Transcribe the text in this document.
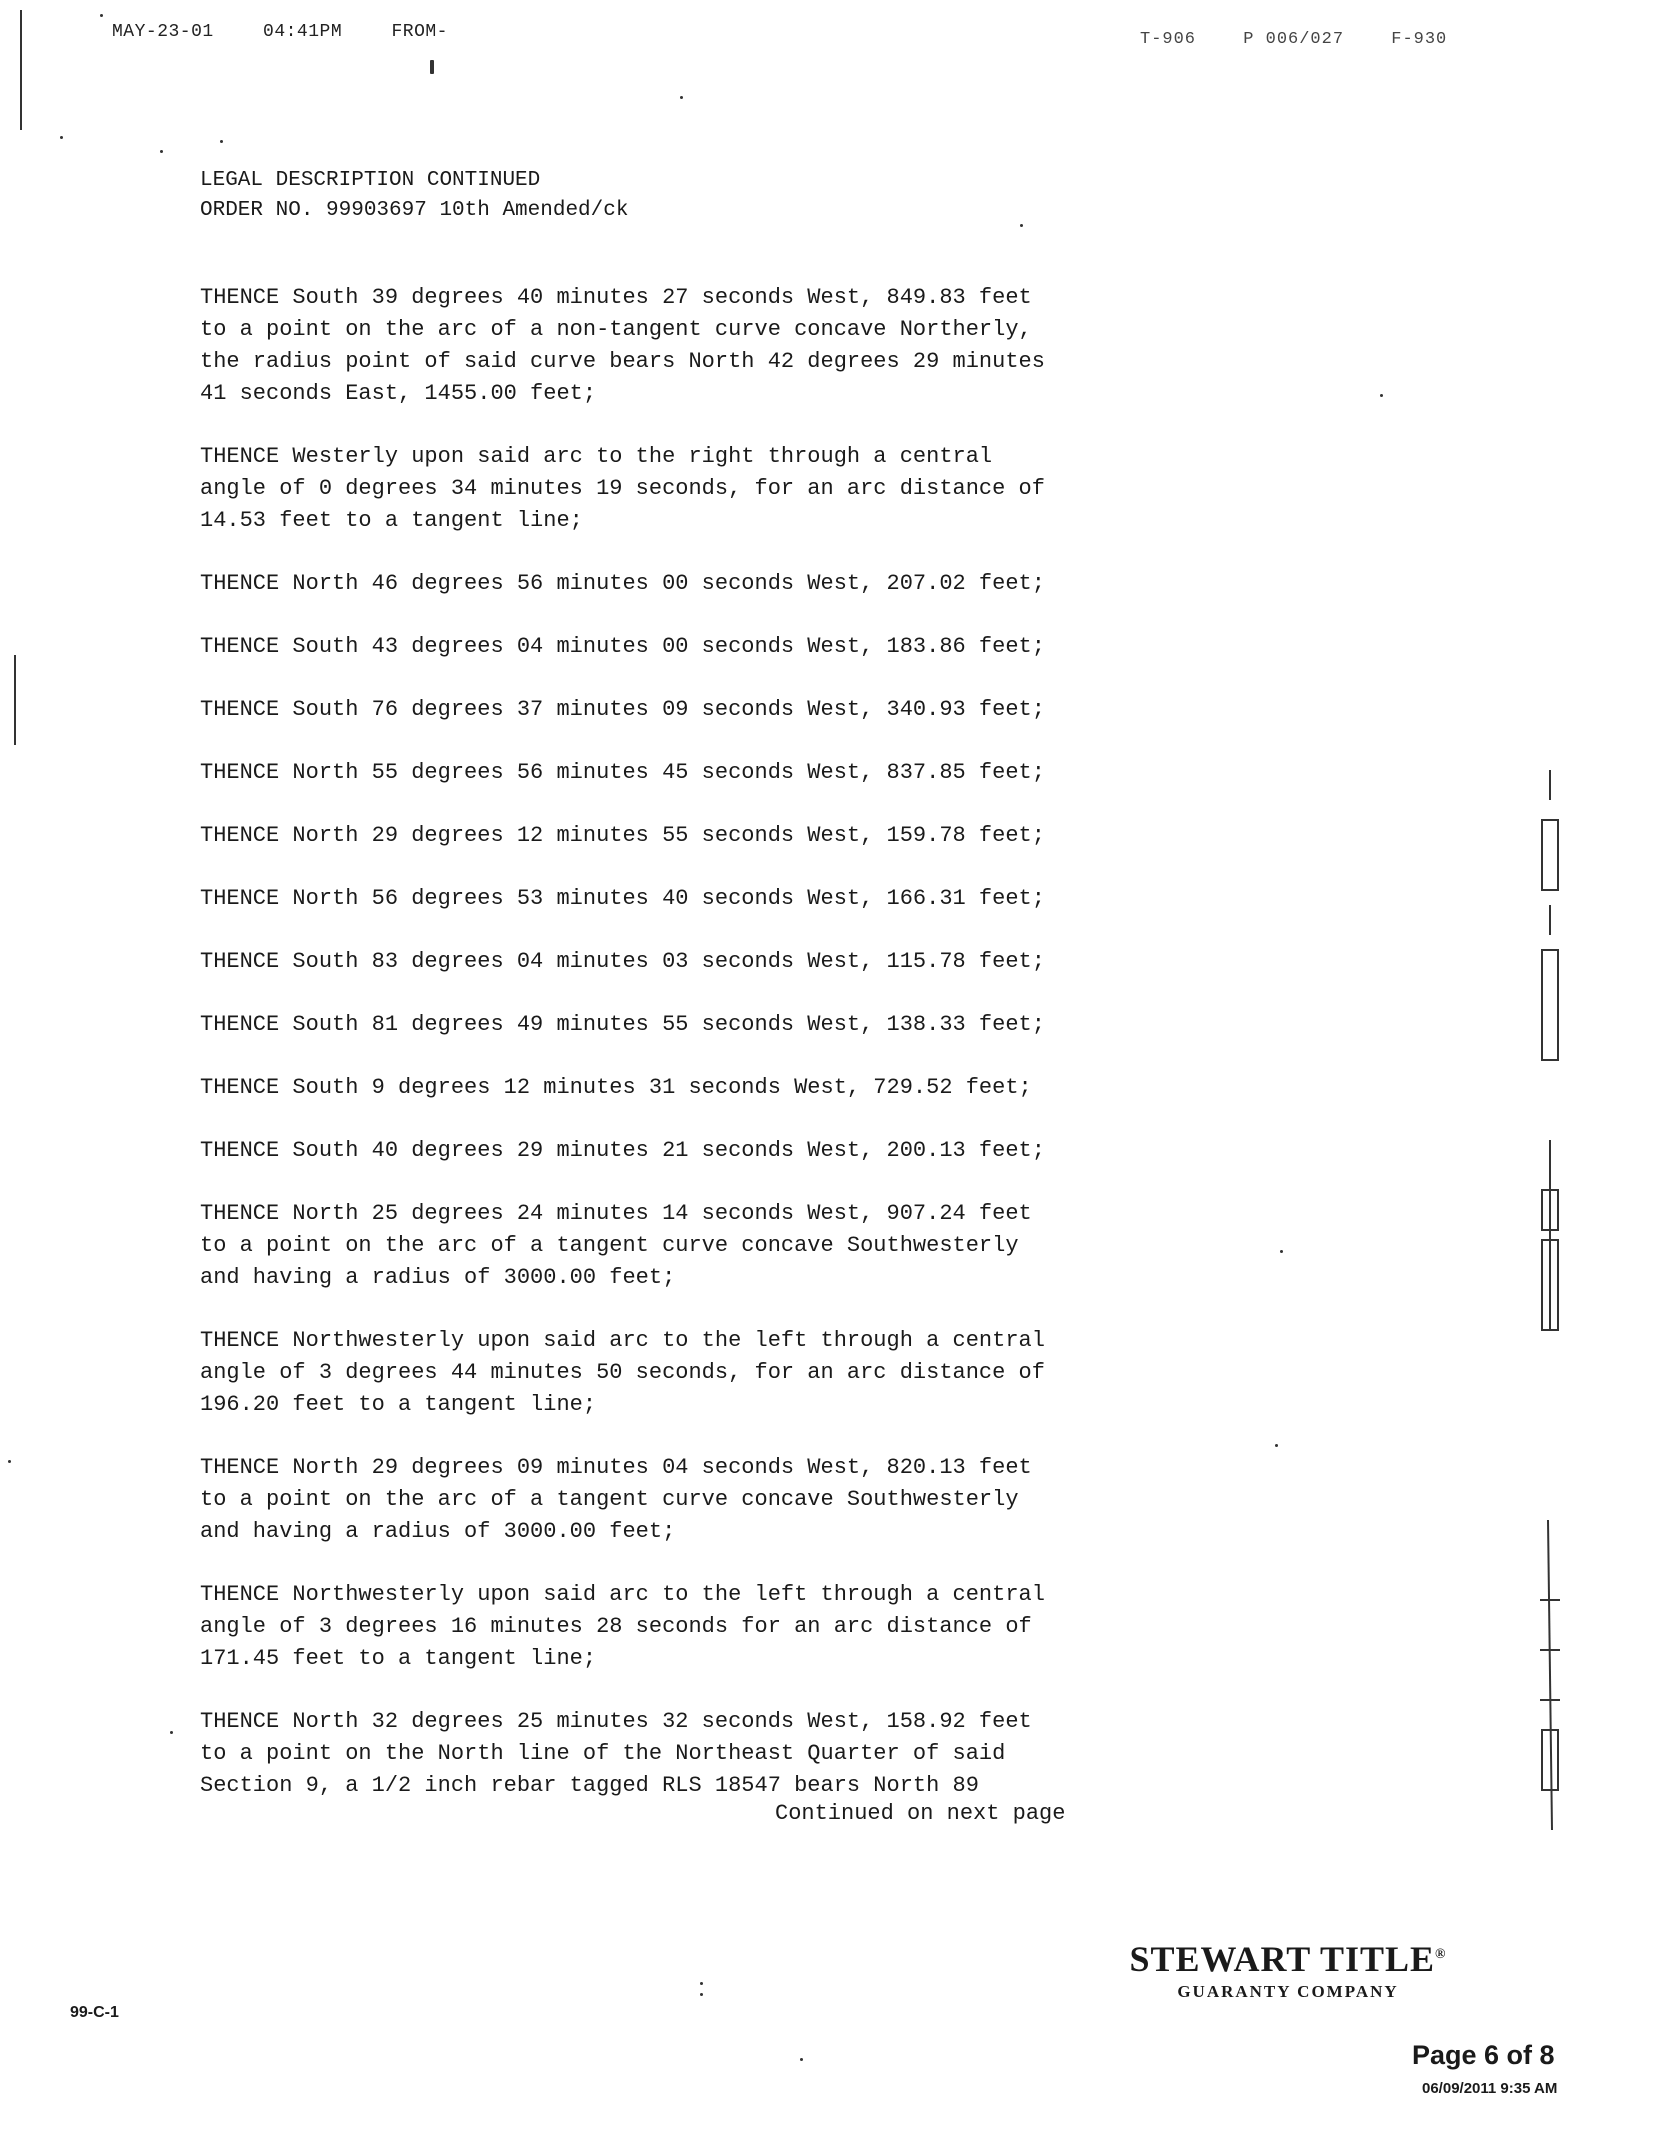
MAY-23-01	04:41PM	FROM-	T-906	P 006/027	F-930
LEGAL DESCRIPTION CONTINUED
ORDER NO. 99903697 10th Amended/ck

THENCE South 39 degrees 40 minutes 27 seconds West, 849.83 feet
to a point on the arc of a non-tangent curve concave Northerly,
the radius point of said curve bears North 42 degrees 29 minutes
41 seconds East, 1455.00 feet;

THENCE Westerly upon said arc to the right through a central
angle of 0 degrees 34 minutes 19 seconds, for an arc distance of
14.53 feet to a tangent line;

THENCE North 46 degrees 56 minutes 00 seconds West, 207.02 feet;

THENCE South 43 degrees 04 minutes 00 seconds West, 183.86 feet;

THENCE South 76 degrees 37 minutes 09 seconds West, 340.93 feet;

THENCE North 55 degrees 56 minutes 45 seconds West, 837.85 feet;

THENCE North 29 degrees 12 minutes 55 seconds West, 159.78 feet;

THENCE North 56 degrees 53 minutes 40 seconds West, 166.31 feet;

THENCE South 83 degrees 04 minutes 03 seconds West, 115.78 feet;

THENCE South 81 degrees 49 minutes 55 seconds West, 138.33 feet;

THENCE South 9 degrees 12 minutes 31 seconds West, 729.52 feet;

THENCE South 40 degrees 29 minutes 21 seconds West, 200.13 feet;

THENCE North 25 degrees 24 minutes 14 seconds West, 907.24 feet
to a point on the arc of a tangent curve concave Southwesterly
and having a radius of 3000.00 feet;

THENCE Northwesterly upon said arc to the left through a central
angle of 3 degrees 44 minutes 50 seconds, for an arc distance of
196.20 feet to a tangent line;

THENCE North 29 degrees 09 minutes 04 seconds West, 820.13 feet
to a point on the arc of a tangent curve concave Southwesterly
and having a radius of 3000.00 feet;

THENCE Northwesterly upon said arc to the left through a central
angle of 3 degrees 16 minutes 28 seconds for an arc distance of
171.45 feet to a tangent line;

THENCE North 32 degrees 25 minutes 32 seconds West, 158.92 feet
to a point on the North line of the Northeast Quarter of said
Section 9, a 1/2 inch rebar tagged RLS 18547 bears North 89

Continued on next page
STEWART TITLE®
GUARANTY COMPANY
99-C-1
Page 6 of 8
06/09/2011 9:35 AM
